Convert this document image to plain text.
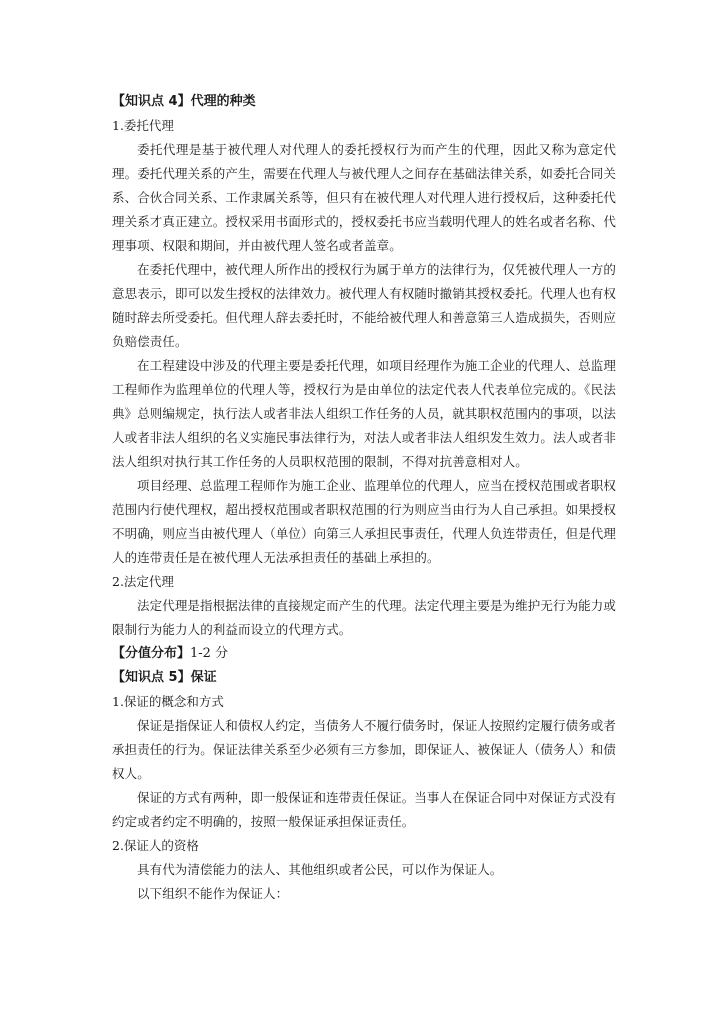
【知识点 4】代理的种类
1.委托代理

委托代理是基于被代理人对代理人的委托授权行为而产生的代理，因此又称为意定代理。委托代理关系的产生，需要在代理人与被代理人之间存在基础法律关系，如委托合同关系、合伙合同关系、工作隶属关系等，但只有在被代理人对代理人进行授权后，这种委托代理关系才真正建立。授权采用书面形式的，授权委托书应当载明代理人的姓名或者名称、代理事项、权限和期间，并由被代理人签名或者盖章。

在委托代理中，被代理人所作出的授权行为属于单方的法律行为，仅凭被代理人一方的意思表示，即可以发生授权的法律效力。被代理人有权随时撤销其授权委托。代理人也有权随时辞去所受委托。但代理人辞去委托时，不能给被代理人和善意第三人造成损失，否则应负赔偿责任。

在工程建设中涉及的代理主要是委托代理，如项目经理作为施工企业的代理人、总监理工程师作为监理单位的代理人等，授权行为是由单位的法定代表人代表单位完成的。《民法典》总则编规定，执行法人或者非法人组织工作任务的人员，就其职权范围内的事项，以法人或者非法人组织的名义实施民事法律行为，对法人或者非法人组织发生效力。法人或者非法人组织对执行其工作任务的人员职权范围的限制，不得对抗善意相对人。

项目经理、总监理工程师作为施工企业、监理单位的代理人，应当在授权范围或者职权范围内行使代理权，超出授权范围或者职权范围的行为则应当由行为人自己承担。如果授权不明确，则应当由被代理人（单位）向第三人承担民事责任，代理人负连带责任，但是代理人的连带责任是在被代理人无法承担责任的基础上承担的。

2.法定代理

法定代理是指根据法律的直接规定而产生的代理。法定代理主要是为维护无行为能力或限制行为能力人的利益而设立的代理方式。

【分值分布】1-2 分
【知识点 5】保证
1.保证的概念和方式

保证是指保证人和债权人约定，当债务人不履行债务时，保证人按照约定履行债务或者承担责任的行为。保证法律关系至少必须有三方参加，即保证人、被保证人（债务人）和债权人。

保证的方式有两种，即一般保证和连带责任保证。当事人在保证合同中对保证方式没有约定或者约定不明确的，按照一般保证承担保证责任。

2.保证人的资格

具有代为清偿能力的法人、其他组织或者公民，可以作为保证人。

以下组织不能作为保证人：
